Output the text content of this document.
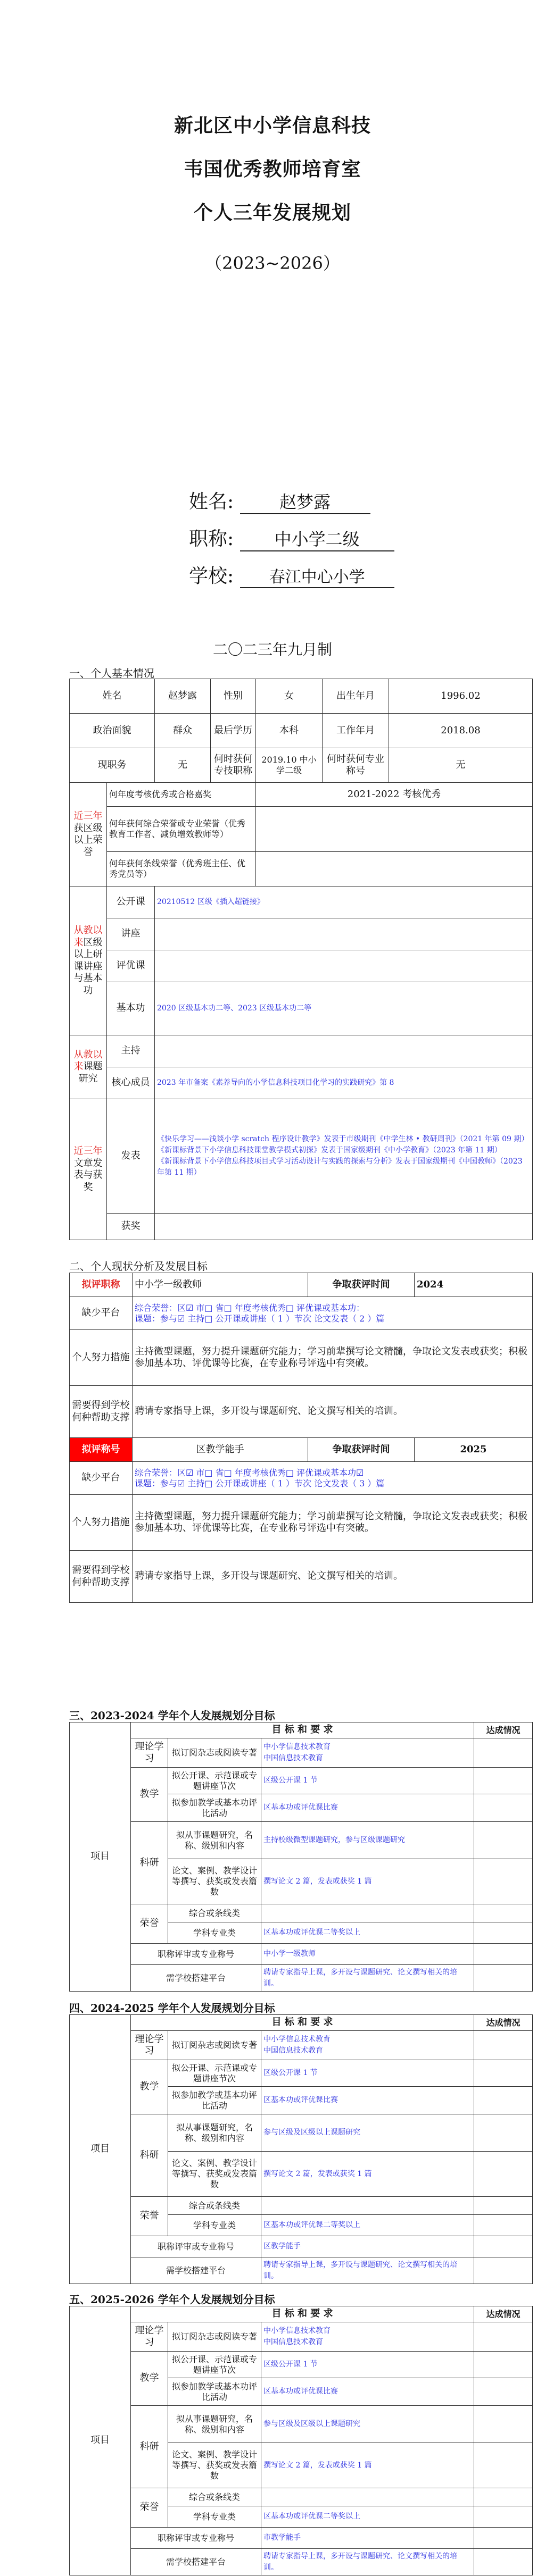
新北区中小学信息科技
韦国优秀教师培育室
个人三年发展规划
（2023~2026）
姓名:	赵梦露
职称: 中小学二级
学校: 春江中心小学
二〇二三年九月制
一、个人基本情况
姓名		赵梦露	性别	女	出生年月	1996.02
政治面貌		群众	最后学历	本科	工作年月	2018.08
现职务		无	何时获何专技职称	2019.10 中小学二级	何时获何专业称号	无
近三年获区级以上荣誉	何年度考核优秀或合格嘉奖			2021-2022 考核优秀		
	何年获何综合荣誉或专业荣誉（优秀教育工作者、减负增效教师等）					
	何年获何条线荣誉（优秀班主任、优秀党员等）					
从教以来区级以上研课讲座与基本功	公开课	20210512 区级《插入超链接》				
	讲座					
	评优课					
	基本功	2020 区级基本功二等、2023 区级基本功二等				
从教以来课题研究	主持					
	核心成员	2023 年市备案《素养导向的小学信息科技项目化学习的实践研究》第 8				
近三年文章发表与获奖	发表	《快乐学习——浅谈小学 scratch 程序设计教学》发表于市级期刊《中学生林 • 教研周刊》（2021 年第 09 期）
《新课标背景下小学信息科技课堂教学模式初探》发表于国家级期刊《中小学教育》（2023 年第 11 期）
《新课标背景下小学信息科技项目式学习活动设计与实践的探索与分析》发表于国家级期刊《中国教师》（2023 年第 11 期）				

	获奖					
二、个人现状分析及发展目标
拟评职称	中小学一级教师	争取获评时间	2024
缺少平台	综合荣誉：区☑ 市□ 省□ 年度考核优秀□ 评优课或基本功：
课题：参与☑ 主持□ 公开课或讲座（ 1 ）节次 论文发表（ 2 ）篇		

个人努力措施	主持微型课题，努力提升课题研究能力；学习前辈撰写论文精髓，争取论文发表或获奖；积极参加基本功、评优课等比赛，在专业称号评选中有突破。		
需要得到学校何种帮助支撑	聘请专家指导上课，多开设与课题研究、论文撰写相关的培训。		
拟评称号	区教学能手	争取获评时间	2025
缺少平台	综合荣誉：区☑ 市□ 省□ 年度考核优秀□ 评优课或基本功☑
课题：参与☑ 主持□ 公开课或讲座（ 1 ）节次 论文发表（ 3 ）篇		

个人努力措施	主持微型课题，努力提升课题研究能力；学习前辈撰写论文精髓，争取论文发表或获奖；积极参加基本功、评优课等比赛，在专业称号评选中有突破。		
需要得到学校何种帮助支撑	聘请专家指导上课，多开设与课题研究、论文撰写相关的培训。		
三、2023-2024 学年个人发展规划分目标
项目	目 标 和 要 求			达成情况
	理论学习	拟订阅杂志或阅读专著	中小学信息技术教育
中国信息技术教育	
	教学	拟公开课、示范课或专题讲座节次	区级公开课 1 节	
		拟参加教学或基本功评比活动	区基本功或评优课比赛	
	科研	拟从事课题研究，名称、级别和内容	主持校级微型课题研究，参与区级课题研究	
		论文、案例、教学设计等撰写、获奖或发表篇数	撰写论文 2 篇，发表或获奖 1 篇	
	荣誉	综合或条线类		
		学科专业类	区基本功或评优课二等奖以上	
	职称评审或专业称号		中小学一级教师	
	需学校搭建平台		聘请专家指导上课，多开设与课题研究、论文撰写相关的培训。	
四、2024-2025 学年个人发展规划分目标
项目	目 标 和 要 求			达成情况
	理论学习	拟订阅杂志或阅读专著	中小学信息技术教育
中国信息技术教育	
	教学	拟公开课、示范课或专题讲座节次	区级公开课 1 节	
		拟参加教学或基本功评比活动	区基本功或评优课比赛	
	科研	拟从事课题研究，名称、级别和内容	参与区级及区级以上课题研究	
		论文、案例、教学设计等撰写、获奖或发表篇数	撰写论文 2 篇，发表或获奖 1 篇	
	荣誉	综合或条线类		
		学科专业类	区基本功或评优课二等奖以上	
	职称评审或专业称号		区教学能手	
	需学校搭建平台		聘请专家指导上课，多开设与课题研究、论文撰写相关的培训。	
五、2025-2026 学年个人发展规划分目标
项目	目 标 和 要 求			达成情况
	理论学习	拟订阅杂志或阅读专著	中小学信息技术教育
中国信息技术教育	
	教学	拟公开课、示范课或专题讲座节次	区级公开课 1 节	
		拟参加教学或基本功评比活动	区基本功或评优课比赛	
	科研	拟从事课题研究，名称、级别和内容	参与区级及区级以上课题研究	
		论文、案例、教学设计等撰写、获奖或发表篇数	撰写论文 2 篇，发表或获奖 1 篇	
	荣誉	综合或条线类		
		学科专业类	区基本功或评优课二等奖以上	
	职称评审或专业称号		市教学能手	
	需学校搭建平台		聘请专家指导上课，多开设与课题研究、论文撰写相关的培训。	
